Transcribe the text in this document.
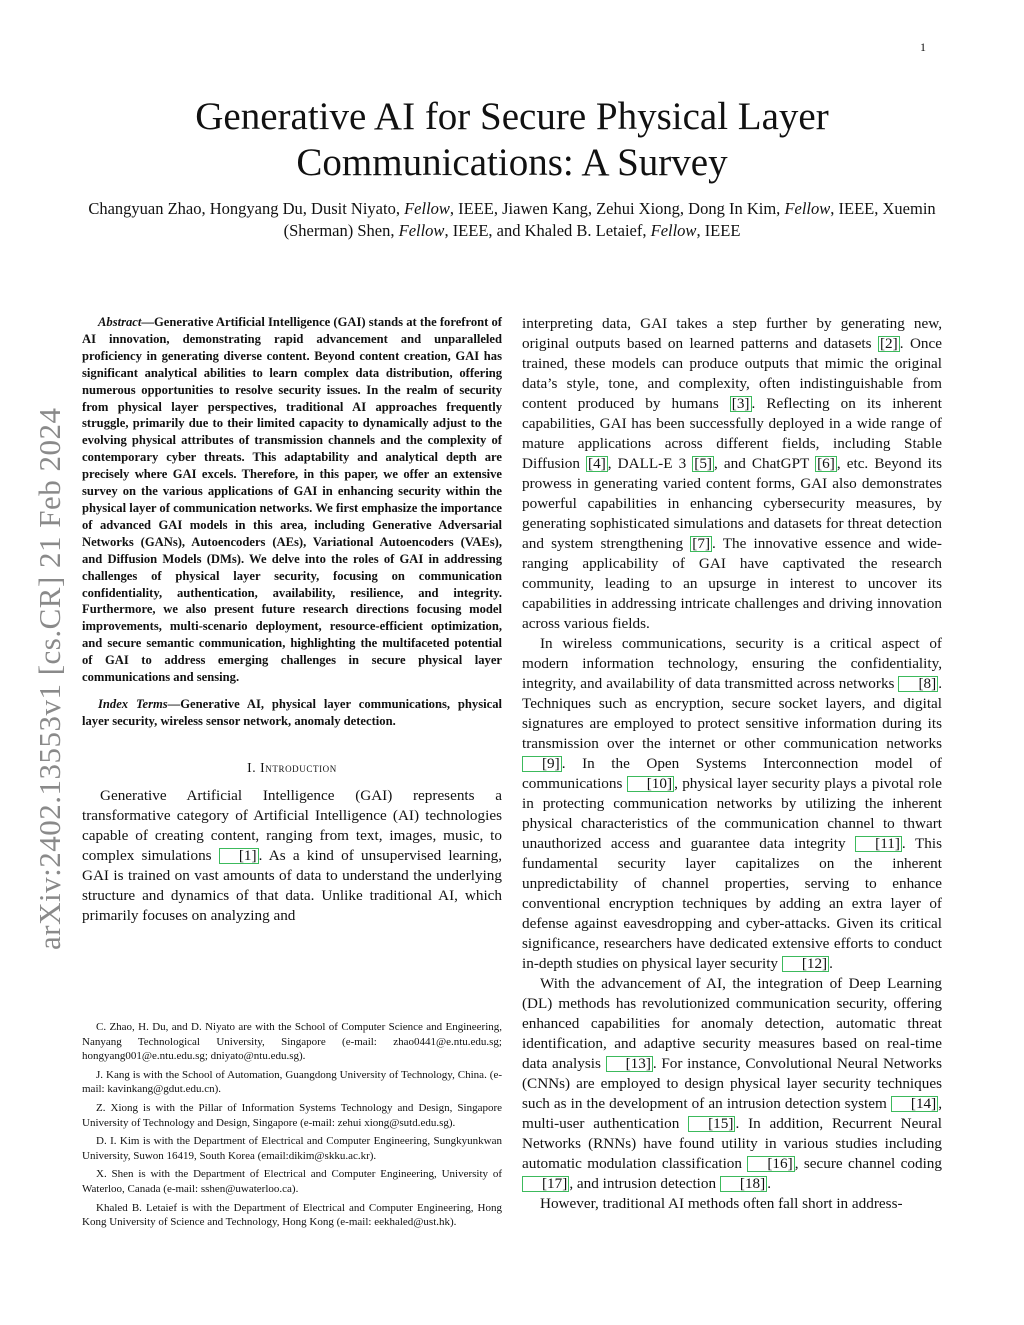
1
arXiv:2402.13553v1 [cs.CR] 21 Feb 2024
Generative AI for Secure Physical Layer
Communications: A Survey
Changyuan Zhao, Hongyang Du, Dusit Niyato, Fellow, IEEE, Jiawen Kang, Zehui Xiong, Dong In Kim, Fellow, IEEE, Xuemin (Sherman) Shen, Fellow, IEEE, and Khaled B. Letaief, Fellow, IEEE

Abstract—Generative Artificial Intelligence (GAI) stands at the forefront of AI innovation, demonstrating rapid advancement and unparalleled proficiency in generating diverse content. Beyond content creation, GAI has significant analytical abilities to learn complex data distribution, offering numerous opportunities to resolve security issues. In the realm of security from physical layer perspectives, traditional AI approaches frequently struggle, primarily due to their limited capacity to dynamically adjust to the evolving physical attributes of transmission channels and the complexity of contemporary cyber threats. This adaptability and analytical depth are precisely where GAI excels. Therefore, in this paper, we offer an extensive survey on the various applications of GAI in enhancing security within the physical layer of communication networks. We first emphasize the importance of advanced GAI models in this area, including Generative Adversarial Networks (GANs), Autoencoders (AEs), Variational Autoencoders (VAEs), and Diffusion Models (DMs). We delve into the roles of GAI in addressing challenges of physical layer security, focusing on communication confidentiality, authentication, availability, resilience, and integrity. Furthermore, we also present future research directions focusing model improvements, multi-scenario deployment, resource-efficient optimization, and secure semantic communication, highlighting the multifaceted potential of GAI to address emerging challenges in secure physical layer communications and sensing.

Index Terms—Generative AI, physical layer communications, physical layer security, wireless sensor network, anomaly detection.

I. Introduction

Generative Artificial Intelligence (GAI) represents a transformative category of Artificial Intelligence (AI) technologies capable of creating content, ranging from text, images, music, to complex simulations [1] . As a kind of unsupervised learning, GAI is trained on vast amounts of data to understand the underlying structure and dynamics of that data. Unlike traditional AI, which primarily focuses on analyzing and

C. Zhao, H. Du, and D. Niyato are with the School of Computer Science and Engineering, Nanyang Technological University, Singapore (e-mail: zhao0441@e.ntu.edu.sg; hongyang001@e.ntu.edu.sg; dniyato@ntu.edu.sg).

J. Kang is with the School of Automation, Guangdong University of Technology, China. (e-mail: kavinkang@gdut.edu.cn).

Z. Xiong is with the Pillar of Information Systems Technology and Design, Singapore University of Technology and Design, Singapore (e-mail: zehui xiong@sutd.edu.sg).

D. I. Kim is with the Department of Electrical and Computer Engineering, Sungkyunkwan University, Suwon 16419, South Korea (email:dikim@skku.ac.kr).

X. Shen is with the Department of Electrical and Computer Engineering, University of Waterloo, Canada (e-mail: sshen@uwaterloo.ca).

Khaled B. Letaief is with the Department of Electrical and Computer Engineering, Hong Kong University of Science and Technology, Hong Kong (e-mail: eekhaled@ust.hk).

interpreting data, GAI takes a step further by generating new, original outputs based on learned patterns and datasets [2] . Once trained, these models can produce outputs that mimic the original data’s style, tone, and complexity, often indistinguishable from content produced by humans [3] . Reflecting on its inherent capabilities, GAI has been successfully deployed in a wide range of mature applications across different fields, including Stable Diffusion [4] , DALL-E 3 [5] , and ChatGPT [6] , etc. Beyond its prowess in generating varied content forms, GAI also demonstrates powerful capabilities in enhancing cybersecurity measures, by generating sophisticated simulations and datasets for threat detection and system strengthening [7] . The innovative essence and wide-ranging applicability of GAI have captivated the research community, leading to an upsurge in interest to uncover its capabilities in addressing intricate challenges and driving innovation across various fields.

In wireless communications, security is a critical aspect of modern information technology, ensuring the confidentiality, integrity, and availability of data transmitted across networks [8] . Techniques such as encryption, secure socket layers, and digital signatures are employed to protect sensitive information during its transmission over the internet or other communication networks [9] . In the Open Systems Interconnection model of communications [10] , physical layer security plays a pivotal role in protecting communication networks by utilizing the inherent physical characteristics of the communication channel to thwart unauthorized access and guarantee data integrity [11] . This fundamental security layer capitalizes on the inherent unpredictability of channel properties, serving to enhance conventional encryption techniques by adding an extra layer of defense against eavesdropping and cyber-attacks. Given its critical significance, researchers have dedicated extensive efforts to conduct in-depth studies on physical layer security [12] .

With the advancement of AI, the integration of Deep Learning (DL) methods has revolutionized communication security, offering enhanced capabilities for anomaly detection, automatic threat identification, and adaptive security measures based on real-time data analysis [13] . For instance, Convolutional Neural Networks (CNNs) are employed to design physical layer security techniques such as in the development of an intrusion detection system [14] , multi-user authentication [15] . In addition, Recurrent Neural Networks (RNNs) have found utility in various studies including automatic modulation classification [16] , secure channel coding [17] , and intrusion detection [18] .

However, traditional AI methods often fall short in address-
